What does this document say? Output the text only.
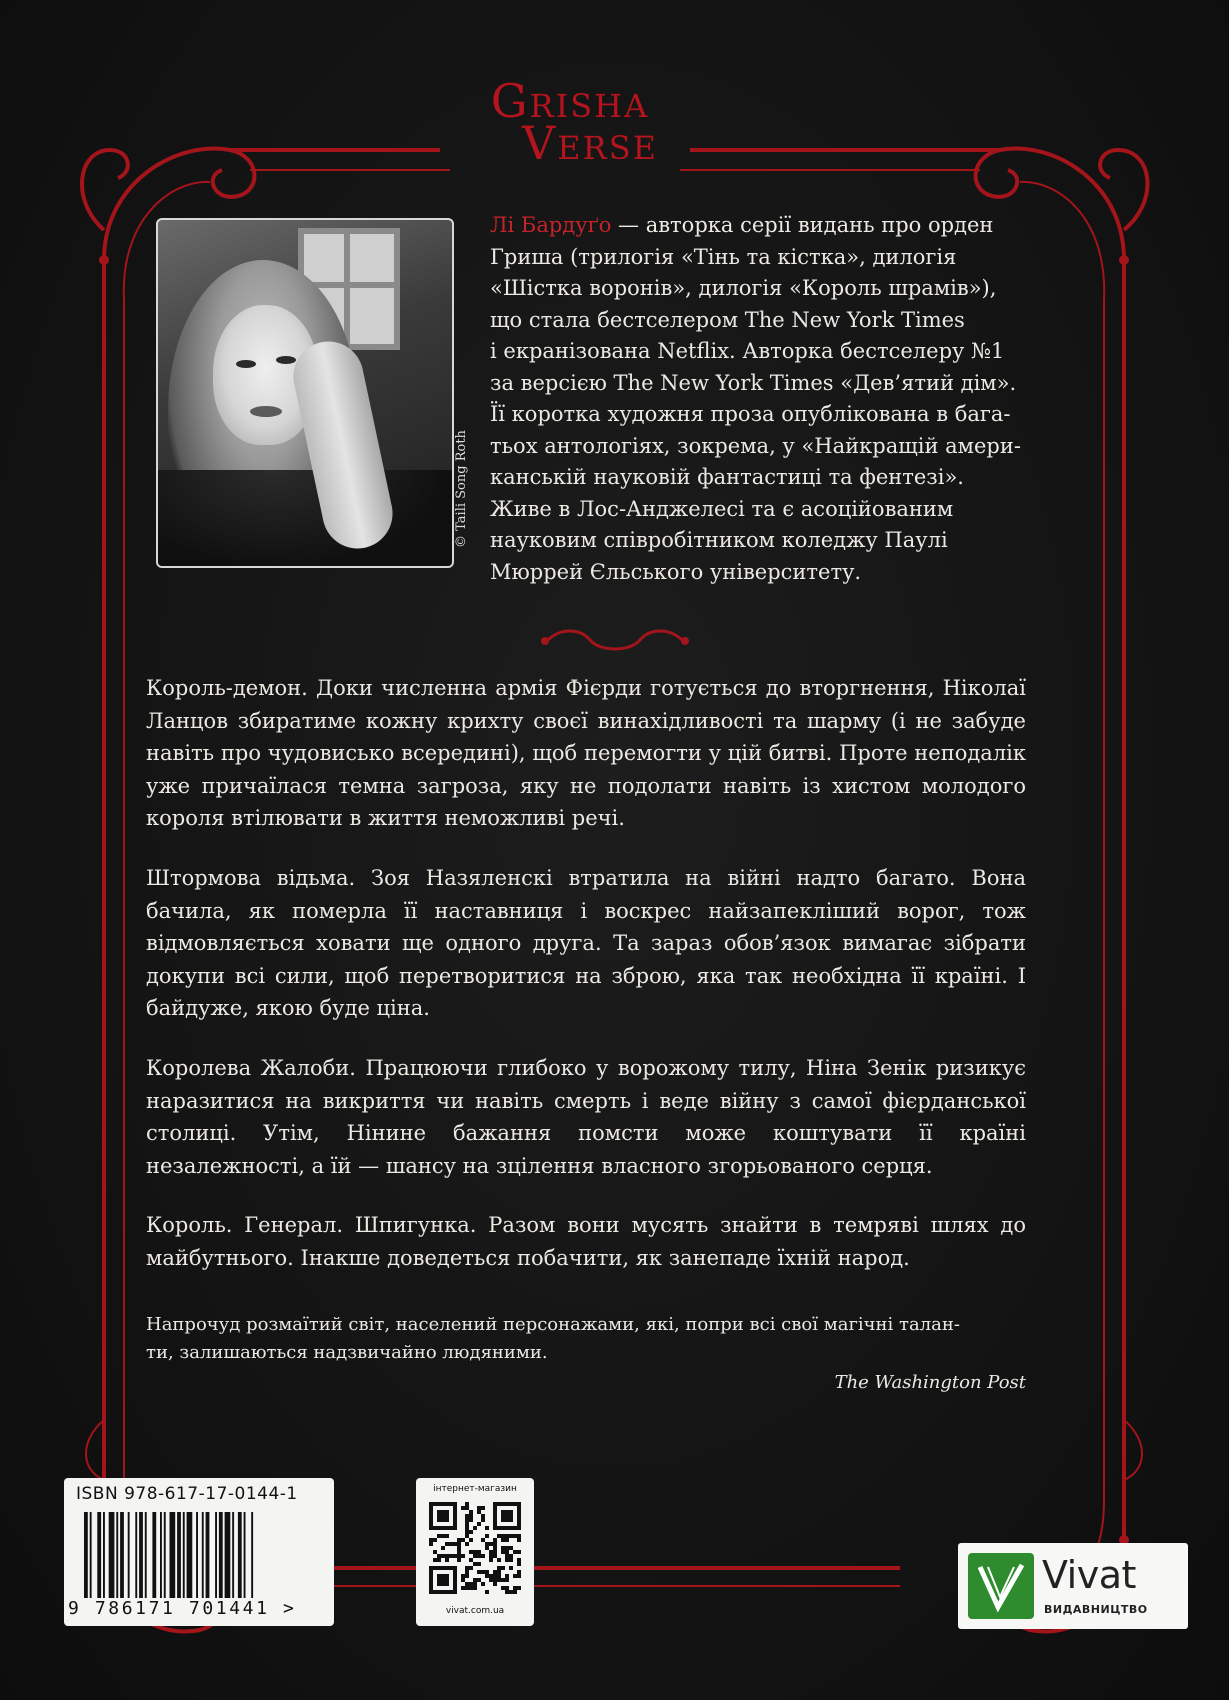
Grisha
Verse
© Taili Song Roth

Лі Бардуґо — авторка серії видань про орден

Гриша (трилогія «Тінь та кістка», дилогія

«Шістка воронів», дилогія «Король шрамів»),

що стала бестселером The New York Times

і екранізована Netflix. Авторка бестселеру №1

за версією The New York Times «Дев’ятий дім».

Її коротка художня проза опублікована в бага-

тьох антологіях, зокрема, у «Найкращій амери-

канській науковій фантастиці та фентезі».

Живе в Лос-Анджелесі та є асоційованим

науковим співробітником коледжу Паулі

Мюррей Єльського університету.

Король-демон. Доки численна армія Фієрди готується до вторгнення, Ніколаї Ланцов збиратиме кожну крихту своєї винахідливості та шарму (і не забуде навіть про чудовисько всередині), щоб перемогти у цій битві. Проте неподалік уже причаїлася темна загроза, яку не подолати навіть із хистом молодого короля втілювати в життя неможливі речі.

Штормова відьма. Зоя Назяленскі втратила на війні надто багато. Вона бачила, як померла її наставниця і воскрес найзапекліший ворог, тож відмовляється ховати ще одного друга. Та зараз обов’язок вимагає зібрати докупи всі сили, щоб перетворитися на зброю, яка так необхідна її країні. І байдуже, якою буде ціна.

Королева Жалоби. Працюючи глибоко у ворожому тилу, Ніна Зенік ризикує наразитися на викриття чи навіть смерть і веде війну з самої фієрданської столиці. Утім, Нінине бажання помсти може коштувати її країні незалежності, а їй — шансу на зцілення власного згорьованого серця.

Король. Генерал. Шпигунка. Разом вони мусять знайти в темряві шлях до майбутнього. Інакше доведеться побачити, як занепаде їхній народ.

Напрочуд розмаїтий світ, населений персонажами, які, попри всі свої магічні талан-

ти, залишаються надзвичайно людяними.

The Washington Post

ISBN 978-617-17-0144-1
9 786171 701441 >
інтернет-магазин
vivat.com.ua
Vivat
ВИДАВНИЦТВО
